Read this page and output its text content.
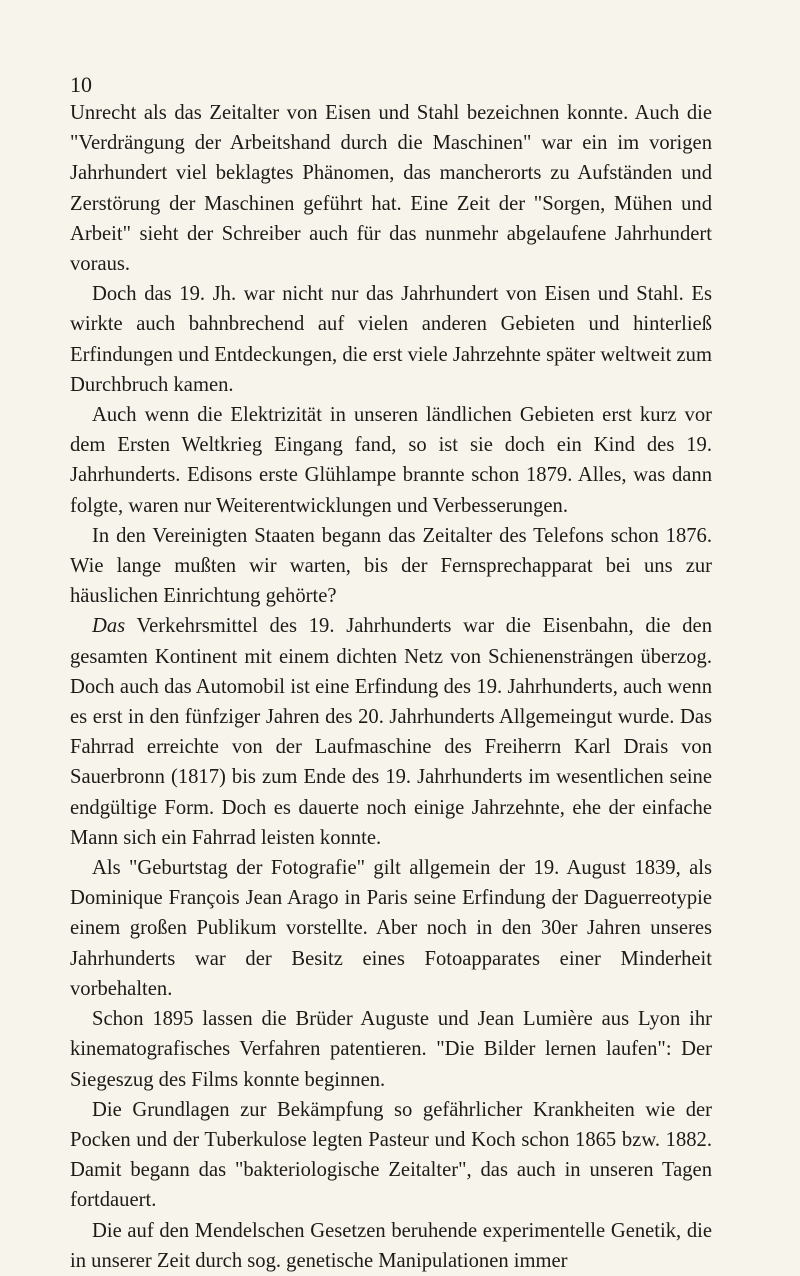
10

Unrecht als das Zeitalter von Eisen und Stahl bezeichnen konnte. Auch die "Verdrängung der Arbeitshand durch die Maschinen" war ein im vorigen Jahrhundert viel beklagtes Phänomen, das mancherorts zu Aufständen und Zerstörung der Maschinen geführt hat. Eine Zeit der "Sorgen, Mühen und Arbeit" sieht der Schreiber auch für das nunmehr abgelaufene Jahrhundert voraus.

Doch das 19. Jh. war nicht nur das Jahrhundert von Eisen und Stahl. Es wirkte auch bahnbrechend auf vielen anderen Gebieten und hinterließ Erfindungen und Entdeckungen, die erst viele Jahrzehnte später weltweit zum Durchbruch kamen.

Auch wenn die Elektrizität in unseren ländlichen Gebieten erst kurz vor dem Ersten Weltkrieg Eingang fand, so ist sie doch ein Kind des 19. Jahrhunderts. Edisons erste Glühlampe brannte schon 1879. Alles, was dann folgte, waren nur Weiterentwicklungen und Verbesserungen.

In den Vereinigten Staaten begann das Zeitalter des Telefons schon 1876. Wie lange mußten wir warten, bis der Fernsprechapparat bei uns zur häuslichen Einrichtung gehörte?

Das Verkehrsmittel des 19. Jahrhunderts war die Eisenbahn, die den gesamten Kontinent mit einem dichten Netz von Schienensträngen überzog. Doch auch das Automobil ist eine Erfindung des 19. Jahrhunderts, auch wenn es erst in den fünfziger Jahren des 20. Jahrhunderts Allgemeingut wurde. Das Fahrrad erreichte von der Laufmaschine des Freiherrn Karl Drais von Sauerbronn (1817) bis zum Ende des 19. Jahrhunderts im wesentlichen seine endgültige Form. Doch es dauerte noch einige Jahrzehnte, ehe der einfache Mann sich ein Fahrrad leisten konnte.

Als "Geburtstag der Fotografie" gilt allgemein der 19. August 1839, als Dominique François Jean Arago in Paris seine Erfindung der Daguerreotypie einem großen Publikum vorstellte. Aber noch in den 30er Jahren unseres Jahrhunderts war der Besitz eines Fotoapparates einer Minderheit vorbehalten.

Schon 1895 lassen die Brüder Auguste und Jean Lumière aus Lyon ihr kinematografisches Verfahren patentieren. "Die Bilder lernen laufen": Der Siegeszug des Films konnte beginnen.

Die Grundlagen zur Bekämpfung so gefährlicher Krankheiten wie der Pocken und der Tuberkulose legten Pasteur und Koch schon 1865 bzw. 1882. Damit begann das "bakteriologische Zeitalter", das auch in unseren Tagen fortdauert.

Die auf den Mendelschen Gesetzen beruhende experimentelle Genetik, die in unserer Zeit durch sog. genetische Manipulationen immer
